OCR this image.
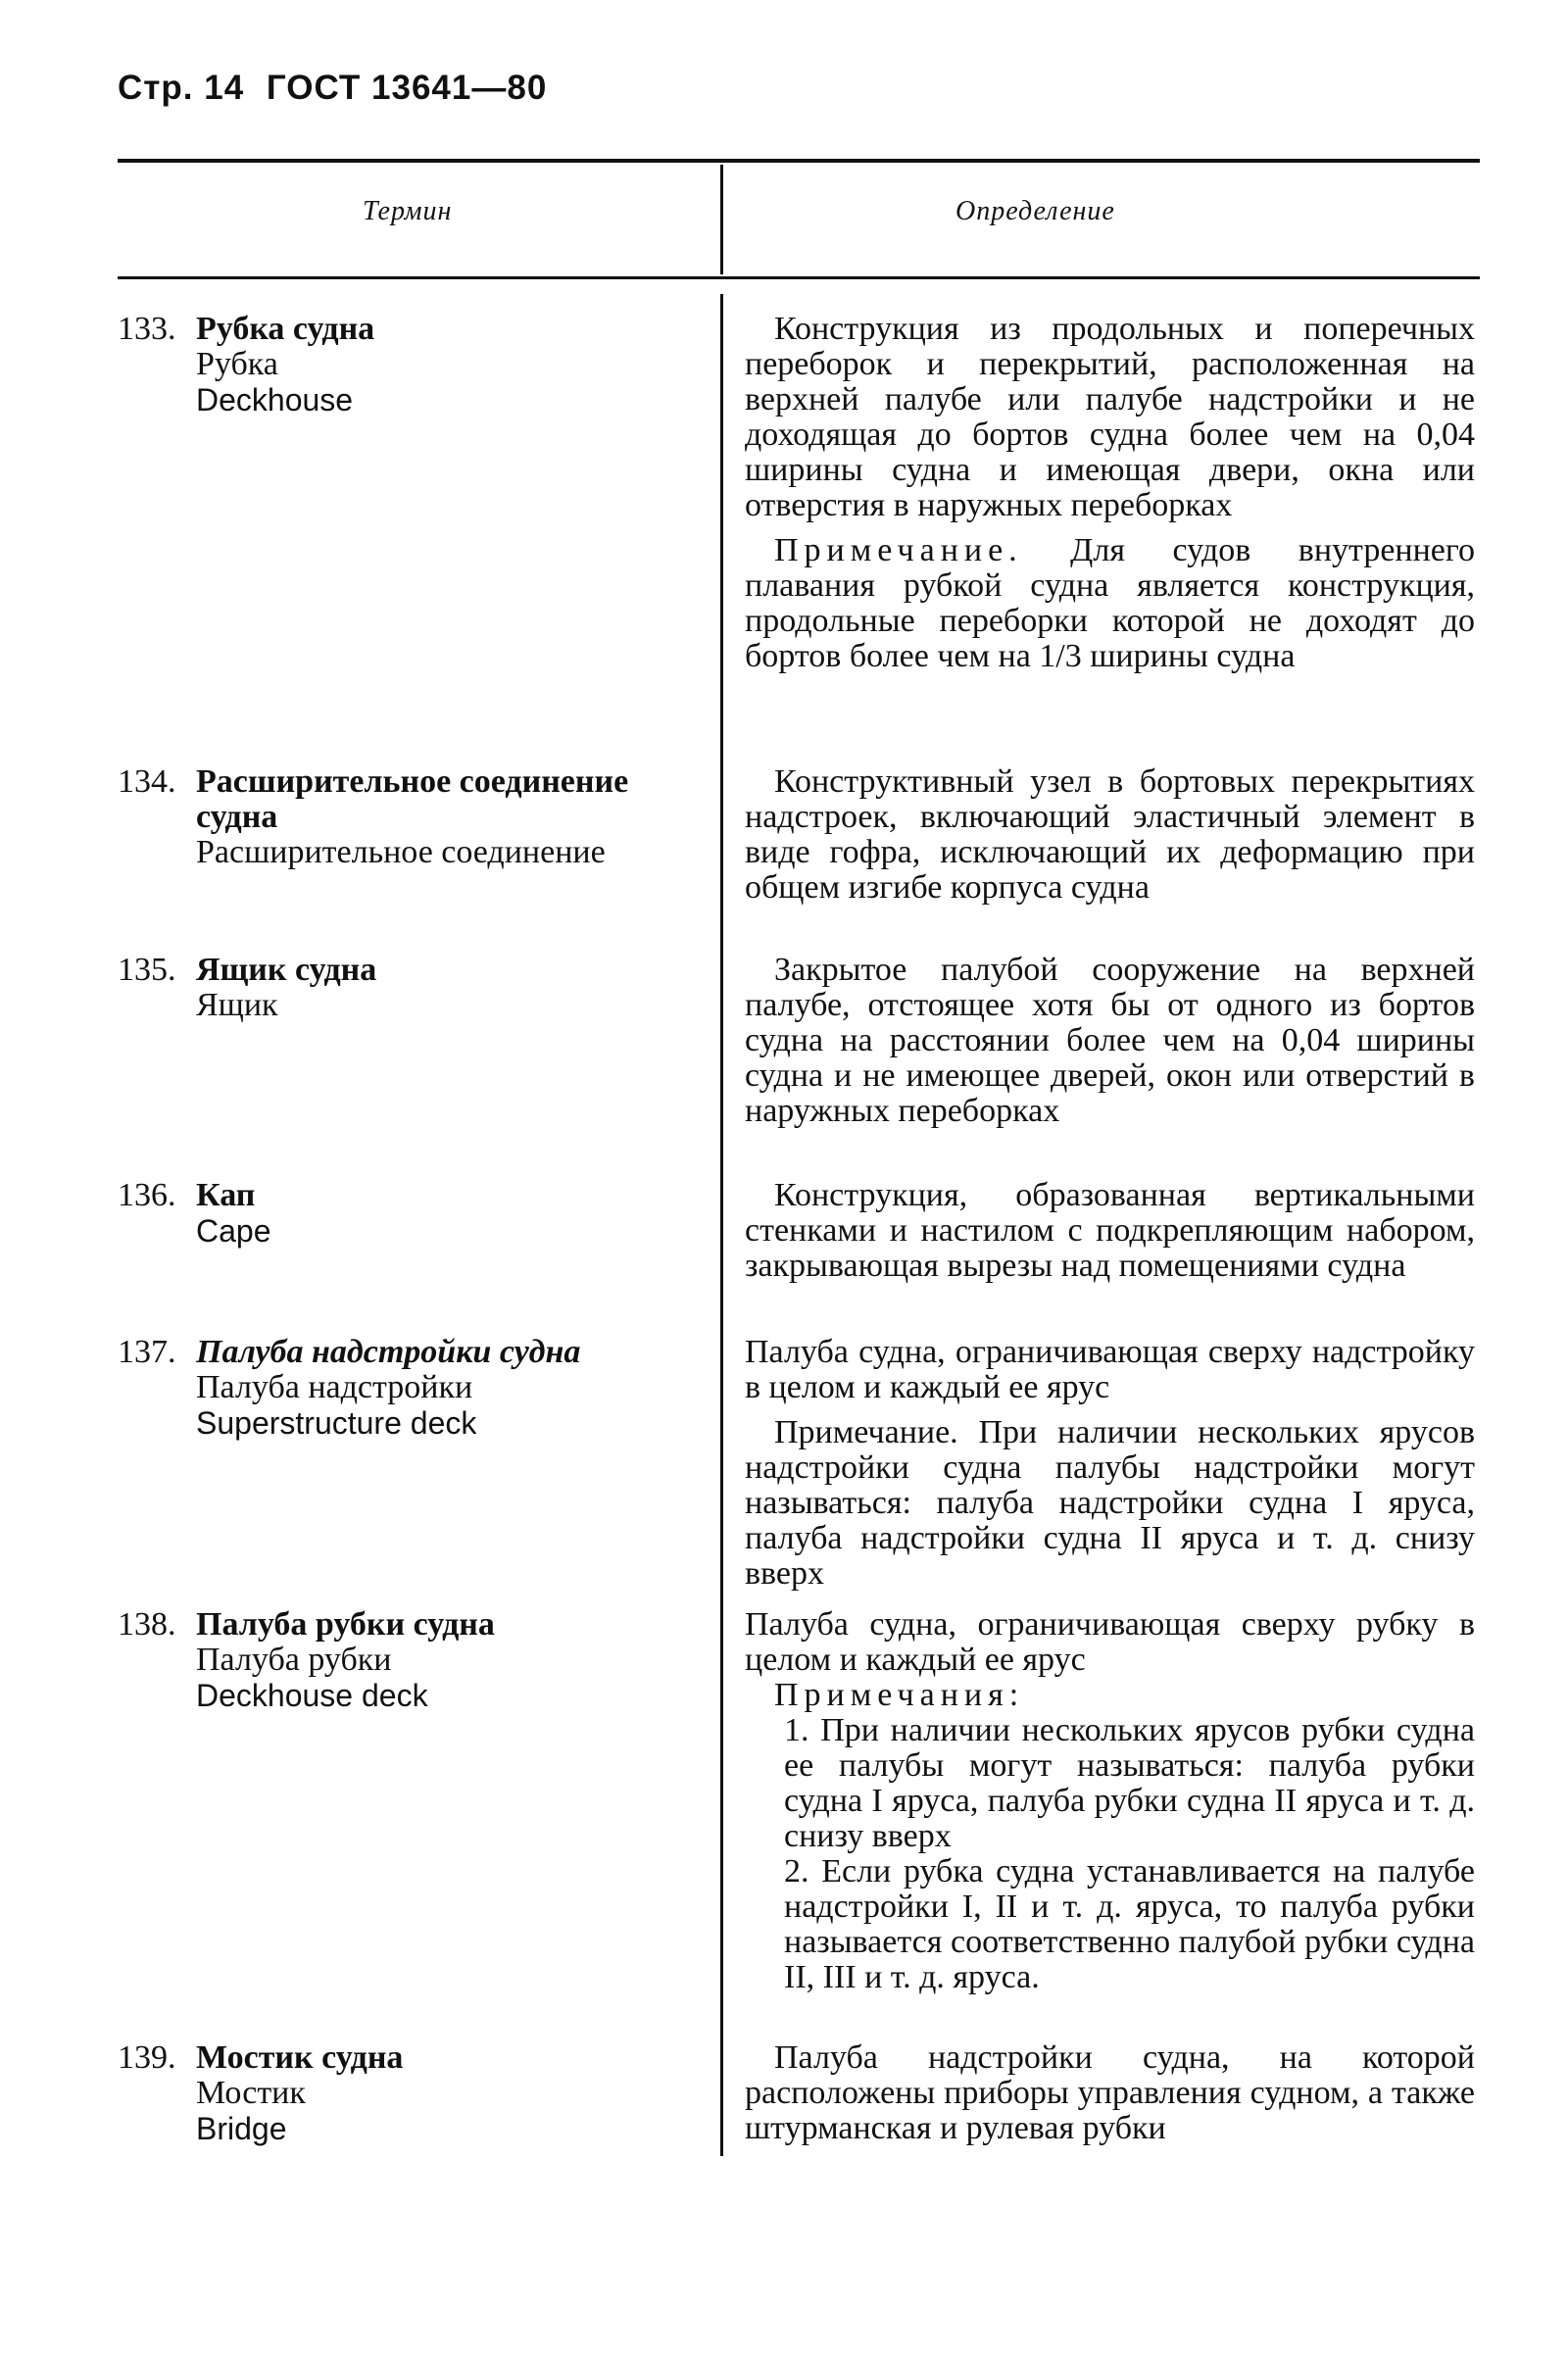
Стр. 14 ГОСТ 13641—80
Термин	Определение
133. Рубка судна
Рубка
Deckhouse

Конструкция из продольных и поперечных переборок и перекрытий, расположенная на верхней палубе или палубе надстройки и не доходящая до бортов судна более чем на 0,04 ширины судна и имеющая двери, окна или отверстия в наружных переборках

Примечание. Для судов внутреннего плавания рубкой судна является конструкция, продольные переборки которой не доходят до бортов более чем на 1/3 ширины судна

134. Расширительное соединение
судна
Расширительное соединение

Конструктивный узел в бортовых перекрытиях надстроек, включающий эластичный элемент в виде гофра, исключающий их деформацию при общем изгибе корпуса судна

135. Ящик судна
Ящик

Закрытое палубой сооружение на верхней палубе, отстоящее хотя бы от одного из бортов судна на расстоянии более чем на 0,04 ширины судна и не имеющее дверей, окон или отверстий в наружных переборках

136. Кап
Cape

Конструкция, образованная вертикальными стенками и настилом с подкрепляющим набором, закрывающая вырезы над помещениями судна

137. Палуба надстройки судна
Палуба надстройки
Superstructure deck

Палуба судна, ограничивающая сверху надстройку в целом и каждый ее ярус

Примечание. При наличии нескольких ярусов надстройки судна палубы надстройки могут называться: палуба надстройки судна I яруса, палуба надстройки судна II яруса и т. д. снизу вверх

138. Палуба рубки судна
Палуба рубки
Deckhouse deck

Палуба судна, ограничивающая сверху рубку в целом и каждый ее ярус

Примечания:

1. При наличии нескольких ярусов рубки судна ее палубы могут называться: палуба рубки судна I яруса, палуба рубки судна II яруса и т. д. снизу вверх

2. Если рубка судна устанавливается на палубе надстройки I, II и т. д. яруса, то палуба рубки называется соответственно палубой рубки судна II, III и т. д. яруса.

139. Мостик судна
Мостик
Bridge

Палуба надстройки судна, на которой расположены приборы управления судном, а также штурманская и рулевая рубки
